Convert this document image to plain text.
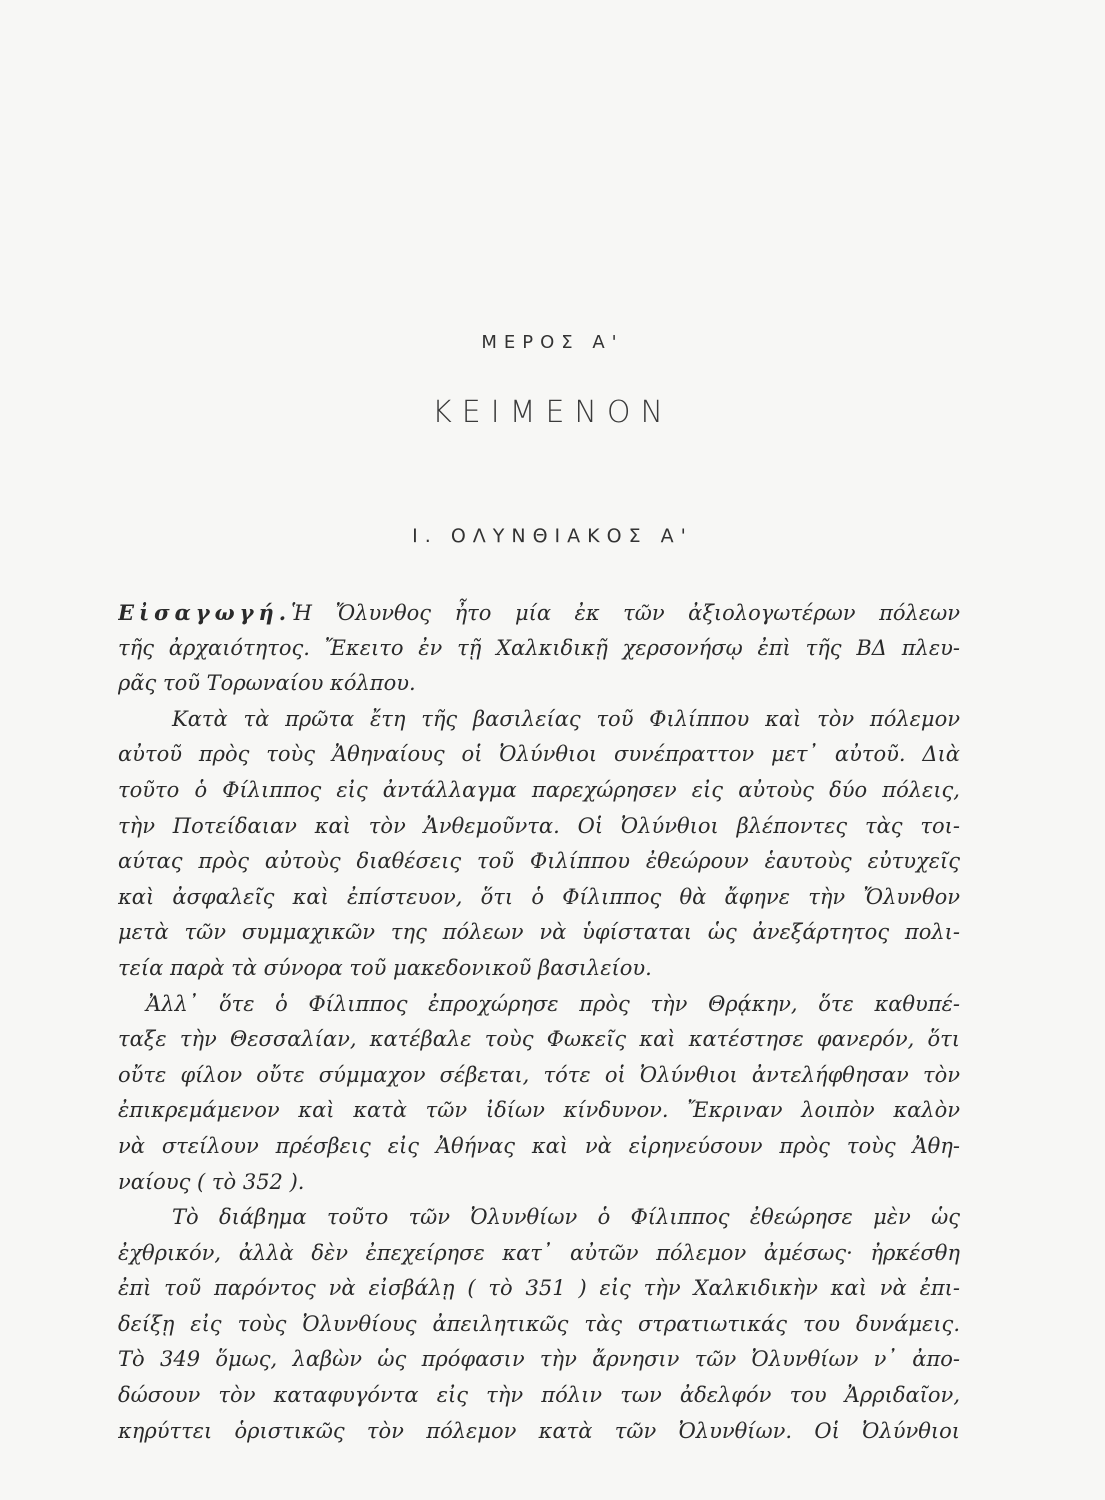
ΜΕΡΟΣ Α'
ΚΕΙΜΕΝΟΝ
Ι. ΟΛΥΝΘΙΑΚΟΣ Α'
Εἰσαγωγή.Ἡ Ὄλυνθος ἦτο μία ἐκ τῶν ἀξιολογωτέρων πόλεων
τῆς ἀρχαιότητος. Ἔκειτο ἐν τῇ Χαλκιδικῇ χερσονήσῳ ἐπὶ τῆς ΒΔ πλευ-
ρᾶς τοῦ Τορωναίου κόλπου.
Κατὰ τὰ πρῶτα ἔτη τῆς βασιλείας τοῦ Φιλίππου καὶ τὸν πόλεμον
αὐτοῦ πρὸς τοὺς Ἀθηναίους οἱ Ὀλύνθιοι συνέπραττον μετ᾽ αὐτοῦ. Διὰ
τοῦτο ὁ Φίλιππος εἰς ἀντάλλαγμα παρεχώρησεν εἰς αὐτοὺς δύο πόλεις,
τὴν Ποτείδαιαν καὶ τὸν Ἀνθεμοῦντα. Οἱ Ὀλύνθιοι βλέποντες τὰς τοι-
αύτας πρὸς αὐτοὺς διαθέσεις τοῦ Φιλίππου ἐθεώρουν ἑαυτοὺς εὐτυχεῖς
καὶ ἀσφαλεῖς καὶ ἐπίστευον, ὅτι ὁ Φίλιππος θὰ ἄφηνε τὴν Ὄλυνθον
μετὰ τῶν συμμαχικῶν της πόλεων νὰ ὑφίσταται ὡς ἀνεξάρτητος πολι-
τεία παρὰ τὰ σύνορα τοῦ μακεδονικοῦ βασιλείου.
Ἀλλ᾽ ὅτε ὁ Φίλιππος ἐπροχώρησε πρὸς τὴν Θρᾴκην, ὅτε καθυπέ-
ταξε τὴν Θεσσαλίαν, κατέβαλε τοὺς Φωκεῖς καὶ κατέστησε φανερόν, ὅτι
οὔτε φίλον οὔτε σύμμαχον σέβεται, τότε οἱ Ὀλύνθιοι ἀντελήφθησαν τὸν
ἐπικρεμάμενον καὶ κατὰ τῶν ἰδίων κίνδυνον. Ἔκριναν λοιπὸν καλὸν
νὰ στείλουν πρέσβεις εἰς Ἀθήνας καὶ νὰ εἰρηνεύσουν πρὸς τοὺς Ἀθη-
ναίους ( τὸ 352 ).
Τὸ διάβημα τοῦτο τῶν Ὀλυνθίων ὁ Φίλιππος ἐθεώρησε μὲν ὡς
ἐχθρικόν, ἀλλὰ δὲν ἐπεχείρησε κατ᾽ αὐτῶν πόλεμον ἀμέσως· ἠρκέσθη
ἐπὶ τοῦ παρόντος νὰ εἰσβάλῃ ( τὸ 351 ) εἰς τὴν Χαλκιδικὴν καὶ νὰ ἐπι-
δείξῃ εἰς τοὺς Ὀλυνθίους ἀπειλητικῶς τὰς στρατιωτικάς του δυνάμεις.
Τὸ 349 ὅμως, λαβὼν ὡς πρόφασιν τὴν ἄρνησιν τῶν Ὀλυνθίων ν᾽ ἀπο-
δώσουν τὸν καταφυγόντα εἰς τὴν πόλιν των ἀδελφόν του Ἀρριδαῖον,
κηρύττει ὁριστικῶς τὸν πόλεμον κατὰ τῶν Ὀλυνθίων. Οἱ Ὀλύνθιοι
